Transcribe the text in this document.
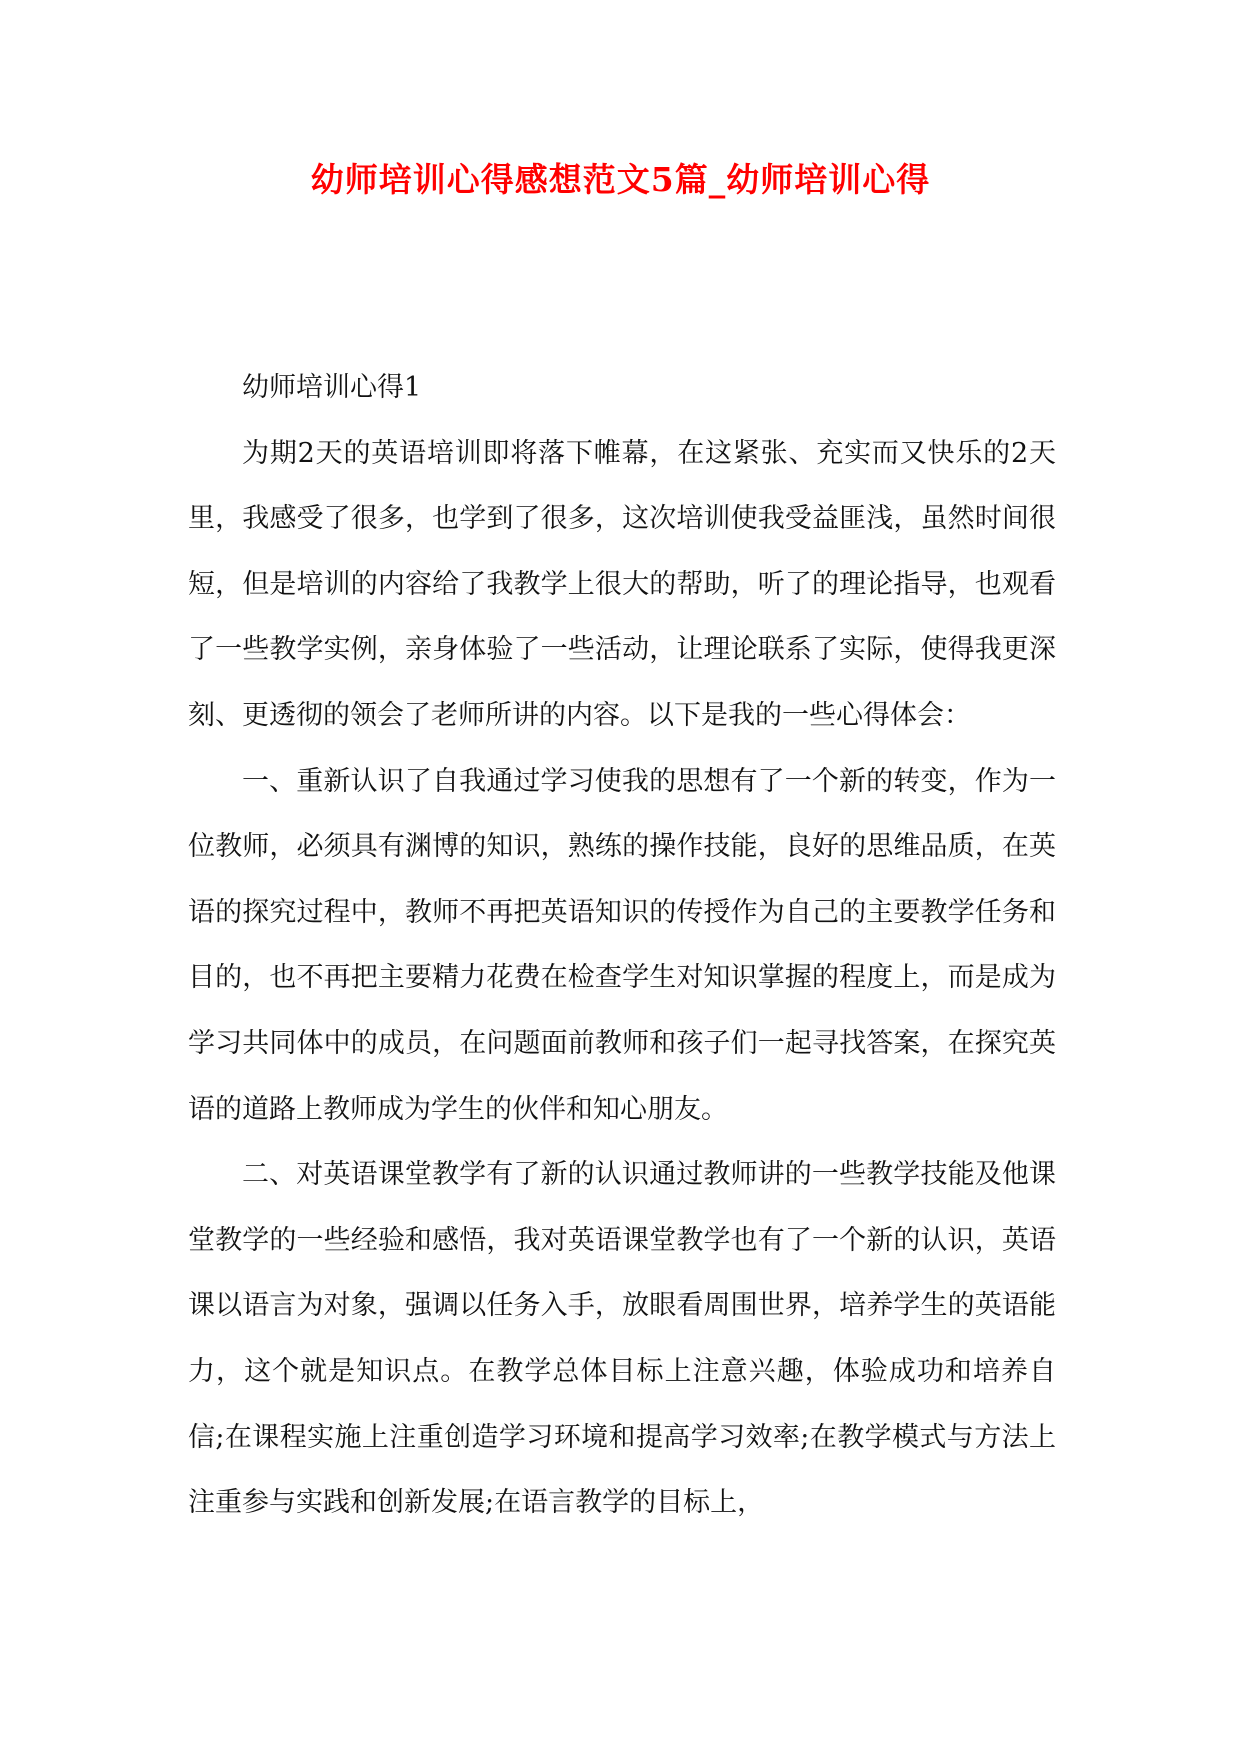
幼师培训心得感想范文5篇_幼师培训心得

幼师培训心得1

为期2天的英语培训即将落下帷幕，在这紧张、充实而又快乐的2天里，我感受了很多，也学到了很多，这次培训使我受益匪浅，虽然时间很短，但是培训的内容给了我教学上很大的帮助，听了的理论指导，也观看了一些教学实例，亲身体验了一些活动，让理论联系了实际，使得我更深刻、更透彻的领会了老师所讲的内容。以下是我的一些心得体会：

一、重新认识了自我通过学习使我的思想有了一个新的转变，作为一位教师，必须具有渊博的知识，熟练的操作技能，良好的思维品质，在英语的探究过程中，教师不再把英语知识的传授作为自己的主要教学任务和目的，也不再把主要精力花费在检查学生对知识掌握的程度上，而是成为学习共同体中的成员，在问题面前教师和孩子们一起寻找答案，在探究英语的道路上教师成为学生的伙伴和知心朋友。

二、对英语课堂教学有了新的认识通过教师讲的一些教学技能及他课堂教学的一些经验和感悟，我对英语课堂教学也有了一个新的认识，英语课以语言为对象，强调以任务入手，放眼看周围世界，培养学生的英语能力，这个就是知识点。在教学总体目标上注意兴趣，体验成功和培养自信;在课程实施上注重创造学习环境和提高学习效率;在教学模式与方法上注重参与实践和创新发展;在语言教学的目标上，
